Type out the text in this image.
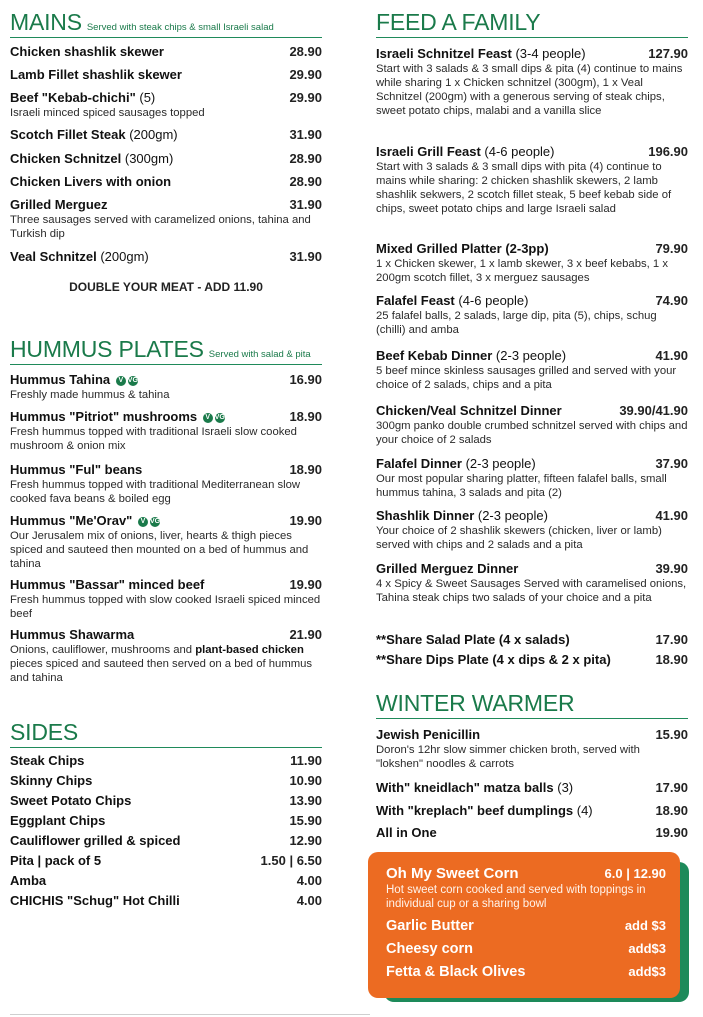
MAINS Served with steak chips & small Israeli salad
Chicken shashlik skewer	28.90
Lamb Fillet shashlik skewer	29.90
Beef "Kebab-chichi" (5)	29.90
Israeli minced spiced sausages topped
Scotch Fillet Steak (200gm)	31.90
Chicken Schnitzel (300gm)	28.90
Chicken Livers with onion	28.90
Grilled Merguez	31.90
Three sausages served with caramelized onions, tahina and Turkish dip
Veal Schnitzel (200gm)	31.90
DOUBLE YOUR MEAT - ADD 11.90
HUMMUS PLATES Served with salad & pita
Hummus Tahina V VG	16.90
Freshly made hummus & tahina
Hummus "Pitriot" mushrooms V VG	18.90
Fresh hummus topped with traditional Israeli slow cooked mushroom & onion mix
Hummus "Ful" beans	18.90
Fresh hummus topped with traditional Mediterranean slow cooked fava beans & boiled egg
Hummus "Me'Orav" V VG	19.90
Our Jerusalem mix of onions, liver, hearts & thigh pieces spiced and sauteed then mounted on a bed of hummus and tahina
Hummus "Bassar" minced beef	19.90
Fresh hummus topped with slow cooked Israeli spiced minced beef
Hummus Shawarma	21.90
Onions, cauliflower, mushrooms and plant-based chicken pieces spiced and sauteed then served on a bed of hummus and tahina
SIDES
Steak Chips	11.90
Skinny Chips	10.90
Sweet Potato Chips	13.90
Eggplant Chips	15.90
Cauliflower grilled & spiced	12.90
Pita | pack of 5	1.50 | 6.50
Amba	4.00
CHICHIS "Schug" Hot Chilli	4.00
FEED A FAMILY
Israeli Schnitzel Feast (3-4 people)	127.90
Start with 3 salads & 3 small dips & pita (4) continue to mains while sharing 1 x Chicken schnitzel (300gm), 1 x Veal Schnitzel (200gm) with a generous serving of steak chips, sweet potato chips, malabi and a vanilla slice
Israeli Grill Feast (4-6 people)	196.90
Start with 3 salads & 3 small dips with pita (4) continue to mains while sharing: 2 chicken shashlik skewers, 2 lamb shashlik sekwers, 2 scotch fillet steak, 5 beef kebab side of chips, sweet potato chips and large Israeli salad
Mixed Grilled Platter (2-3pp)	79.90
1 x Chicken skewer, 1 x lamb skewer, 3 x beef kebabs, 1 x 200gm scotch fillet, 3 x merguez sausages
Falafel Feast (4-6 people)	74.90
25 falafel balls, 2 salads, large dip, pita (5), chips, schug (chilli) and amba
Beef Kebab Dinner (2-3 people)	41.90
5 beef mince skinless sausages grilled and served with your choice of 2 salads, chips and a pita
Chicken/Veal Schnitzel Dinner	39.90/41.90
300gm panko double crumbed schnitzel served with chips and your choice of 2 salads
Falafel Dinner (2-3 people)	37.90
Our most popular sharing platter, fifteen falafel balls, small hummus tahina, 3 salads and pita (2)
Shashlik Dinner (2-3 people)	41.90
Your choice of 2 shashlik skewers (chicken, liver or lamb) served with chips and 2 salads and a pita
Grilled Merguez Dinner	39.90
4 x Spicy & Sweet Sausages Served with caramelised onions, Tahina steak chips two salads of your choice and a pita
**Share Salad Plate (4 x salads)	17.90
**Share Dips Plate (4 x dips & 2 x pita)	18.90
WINTER WARMER
Jewish Penicillin	15.90
Doron's 12hr slow simmer chicken broth, served with "lokshen" noodles & carrots
With" kneidlach" matza balls (3)	17.90
With "kreplach" beef dumplings (4)	18.90
All in One	19.90
Oh My Sweet Corn	6.0 | 12.90
Hot sweet corn cooked and served with toppings in individual cup or a sharing bowl
Garlic Butter	add $3
Cheesy corn	add$3
Fetta & Black Olives	add$3
